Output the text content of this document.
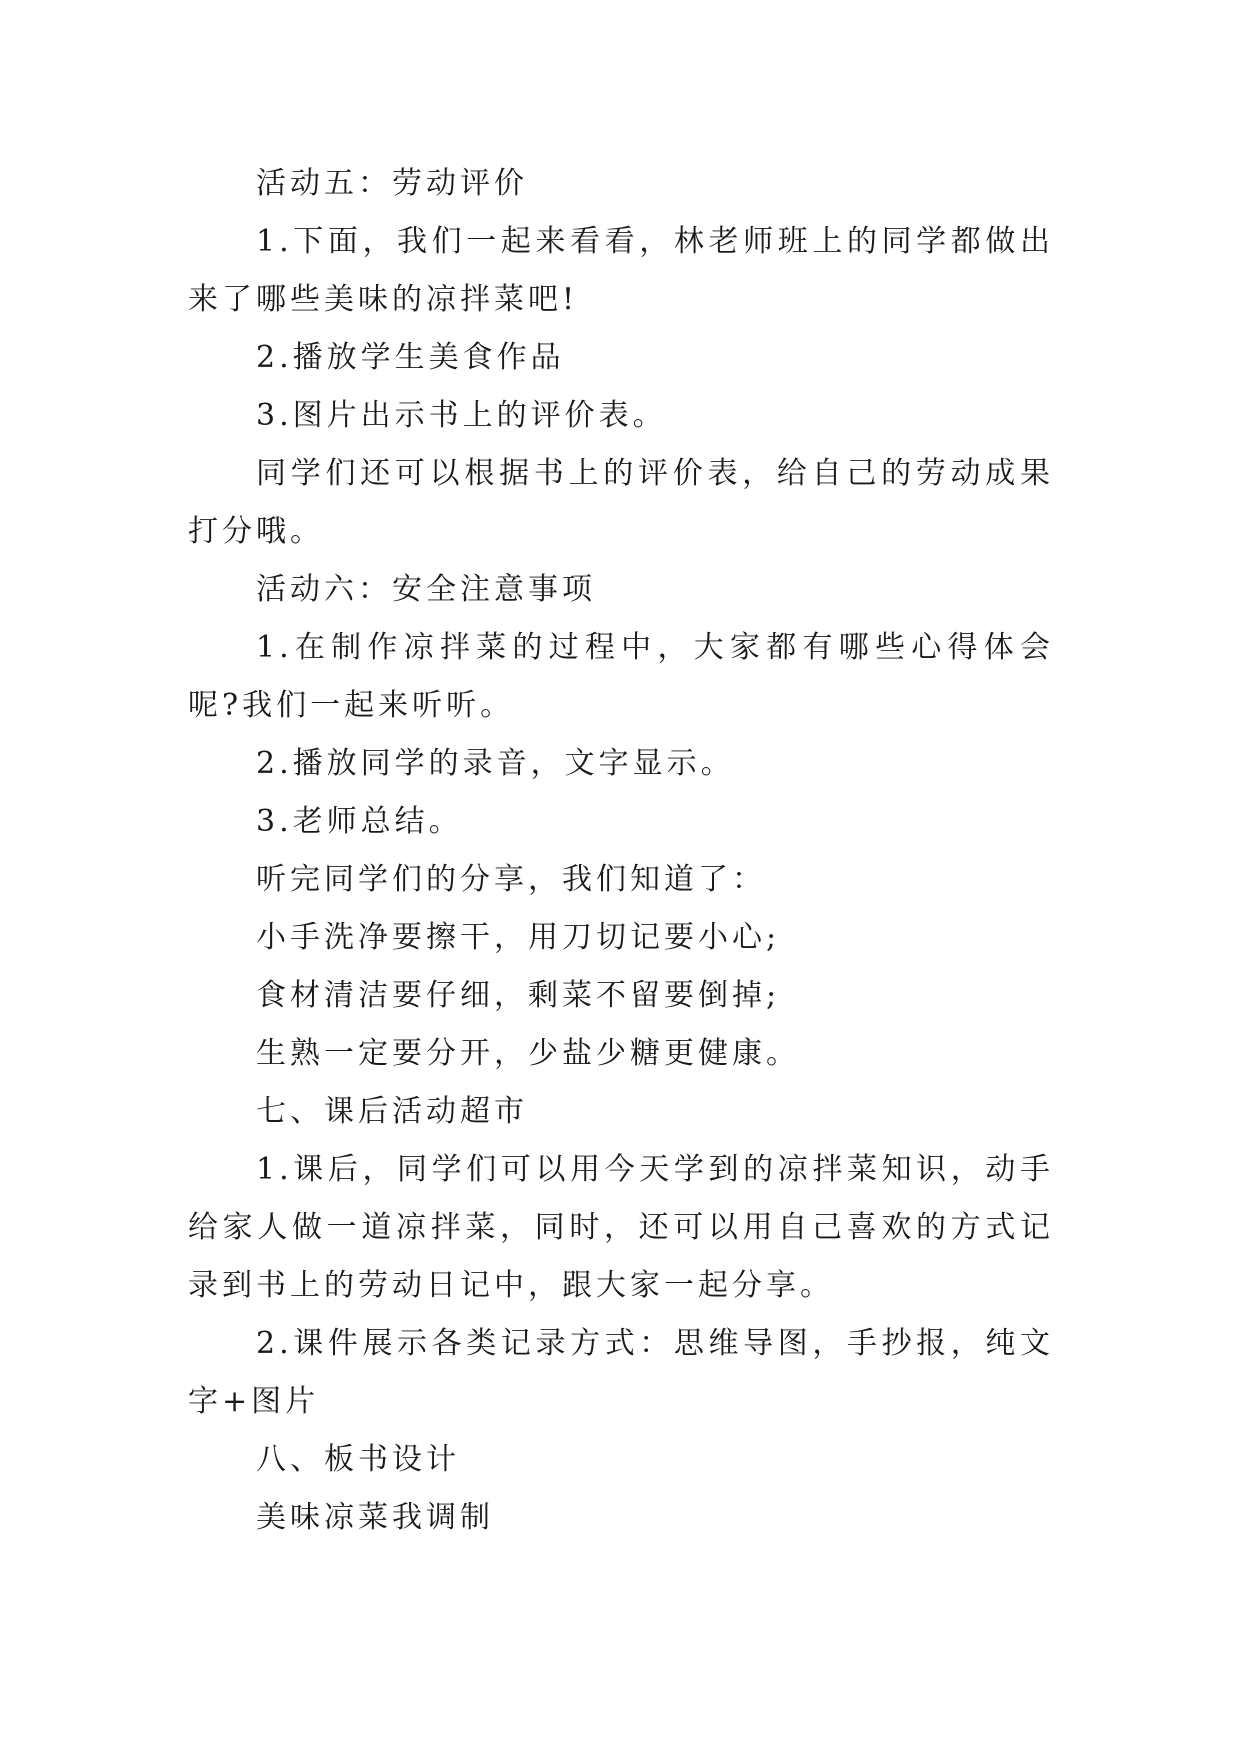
活动五：劳动评价

1.下面，我们一起来看看，林老师班上的同学都做出来了哪些美味的凉拌菜吧!

2.播放学生美食作品

3.图片出示书上的评价表。

同学们还可以根据书上的评价表，给自己的劳动成果打分哦。

活动六：安全注意事项

1.在制作凉拌菜的过程中，大家都有哪些心得体会呢?我们一起来听听。

2.播放同学的录音，文字显示。

3.老师总结。

听完同学们的分享，我们知道了：

小手洗净要擦干，用刀切记要小心;

食材清洁要仔细，剩菜不留要倒掉;

生熟一定要分开，少盐少糖更健康。

七、课后活动超市

1.课后，同学们可以用今天学到的凉拌菜知识，动手给家人做一道凉拌菜，同时，还可以用自己喜欢的方式记录到书上的劳动日记中，跟大家一起分享。

2.课件展示各类记录方式：思维导图，手抄报，纯文字+图片

八、板书设计

美味凉菜我调制
